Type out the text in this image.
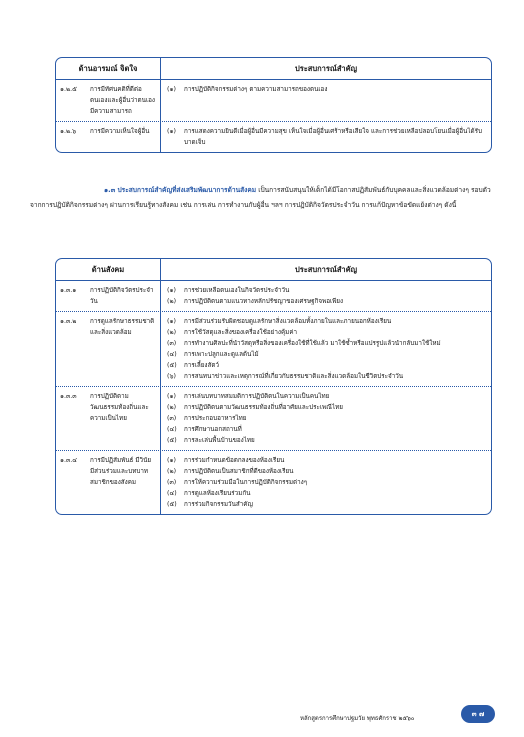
ด้านอารมณ์ จิตใจ	ประสบการณ์สำคัญ
๑.๒.๕	การมีทัศนคติที่ดีต่อตนเองและผู้อื่นว่าตนเองมีความสามารถ
(๑)	การปฏิบัติกิจกรรมต่างๆ ตามความสามารถของตนเอง
๑.๒.๖	การมีความเห็นใจผู้อื่น	(๑)	การแสดงความยินดีเมื่อผู้อื่นมีความสุข เห็นใจเมื่อผู้อื่นเศร้าหรือเสียใจ และการช่วยเหลือปลอบโยนเมื่อผู้อื่นได้รับบาดเจ็บ
๑.๓ ประสบการณ์สำคัญที่ส่งเสริมพัฒนาการด้านสังคม เป็นการสนับสนุนให้เด็กได้มีโอกาสปฏิสัมพันธ์กับบุคคลและสิ่งแวดล้อมต่างๆ รอบตัวจากการปฏิบัติกิจกรรมต่างๆ ผ่านการเรียนรู้ทางสังคม เช่น การเล่น การทำงานกับผู้อื่น ฯลฯ การปฏิบัติกิจวัตรประจำวัน การแก้ปัญหาข้อขัดแย้งต่างๆ ดังนี้
ด้านสังคม	ประสบการณ์สำคัญ
๑.๓.๑	การปฏิบัติกิจวัตรประจำวัน
(๑)	การช่วยเหลือตนเองในกิจวัตรประจำวัน
(๒)	การปฏิบัติตนตามแนวทางหลักปรัชญาของเศรษฐกิจพอเพียง
๑.๓.๒	การดูแลรักษาธรรมชาติและสิ่งแวดล้อม
(๑)	การมีส่วนร่วมรับผิดชอบดูแลรักษาสิ่งแวดล้อมทั้งภายในและภายนอกห้องเรียน
(๒)	การใช้วัสดุและสิ่งของเครื่องใช้อย่างคุ้มค่า
(๓)	การทำงานศิลปะที่นำวัสดุหรือสิ่งของเครื่องใช้ที่ใช้แล้ว มาใช้ซ้ำหรือแปรรูปแล้วนำกลับมาใช้ใหม่
(๔)	การเพาะปลูกและดูแลต้นไม้
(๕)	การเลี้ยงสัตว์
(๖)	การสนทนาข่าวและเหตุการณ์ที่เกี่ยวกับธรรมชาติและสิ่งแวดล้อมในชีวิตประจำวัน
๑.๓.๓	การปฏิบัติตามวัฒนธรรมท้องถิ่นและความเป็นไทย
(๑)	การเล่นบทบาทสมมติการปฏิบัติตนในความเป็นคนไทย
(๒)	การปฏิบัติตนตามวัฒนธรรมท้องถิ่นที่อาศัยและประเพณีไทย
(๓)	การประกอบอาหารไทย
(๔)	การศึกษานอกสถานที่
(๕)	การละเล่นพื้นบ้านของไทย
๑.๓.๔	การมีปฏิสัมพันธ์ มีวินัย มีส่วนร่วมและบทบาทสมาชิกของสังคม
(๑)	การร่วมกำหนดข้อตกลงของห้องเรียน
(๒)	การปฏิบัติตนเป็นสมาชิกที่ดีของห้องเรียน
(๓)	การให้ความร่วมมือในการปฏิบัติกิจกรรมต่างๆ
(๔)	การดูแลห้องเรียนร่วมกัน
(๕)	การร่วมกิจกรรมวันสำคัญ
หลักสูตรการศึกษาปฐมวัย พุทธศักราช ๒๕๖๐
๓ ๗
